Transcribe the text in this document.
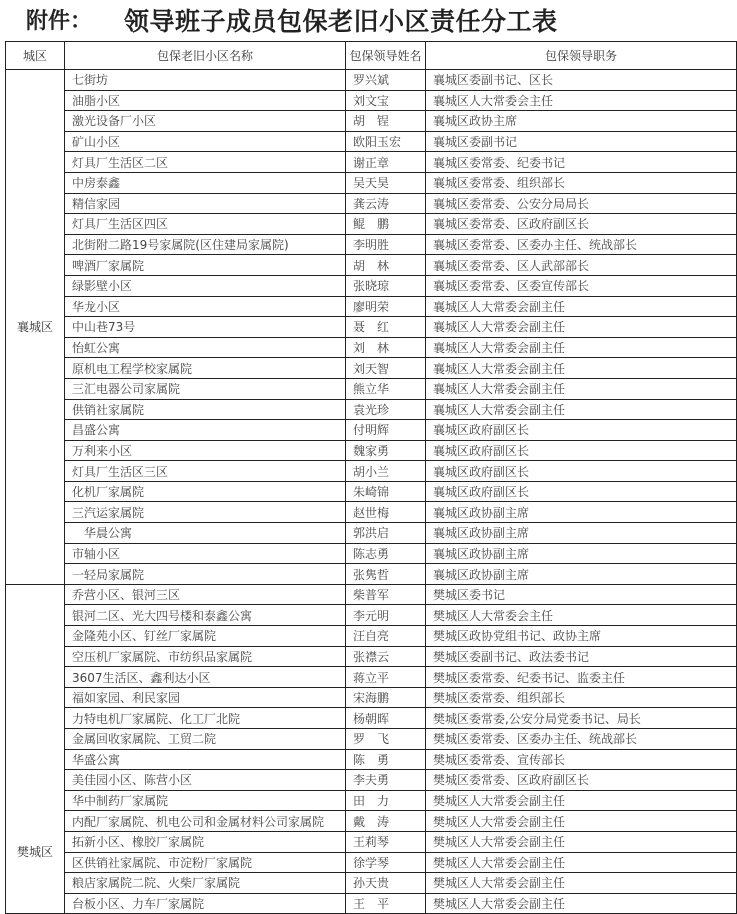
附件： 领导班子成员包保老旧小区责任分工表
城区	包保老旧小区名称	包保领导姓名	包保领导职务
襄城区	七街坊	罗兴斌	襄城区委副书记、区长
	油脂小区	刘文宝	襄城区人大常委会主任
	激光设备厂小区	胡　锃	襄城区政协主席
	矿山小区	欧阳玉宏	襄城区委副书记
	灯具厂生活区二区	谢正章	襄城区委常委、纪委书记
	中房泰鑫	吴天昊	襄城区委常委、组织部长
	精信家园	龚云涛	襄城区委常委、公安分局局长
	灯具厂生活区四区	鲲　鹏	襄城区委常委、区政府副区长
	北街附二路19号家属院(区住建局家属院)	李明胜	襄城区委常委、区委办主任、统战部长
	啤酒厂家属院	胡　林	襄城区委常委、区人武部部长
	绿影壁小区	张晓琼	襄城区委常委、区委宣传部长
	华龙小区	廖明荣	襄城区人大常委会副主任
	中山巷73号	聂　红	襄城区人大常委会副主任
	怡虹公寓	刘　林	襄城区人大常委会副主任
	原机电工程学校家属院	刘天智	襄城区人大常委会副主任
	三汇电器公司家属院	熊立华	襄城区人大常委会副主任
	供销社家属院	袁光珍	襄城区人大常委会副主任
	昌盛公寓	付明辉	襄城区政府副区长
	万利来小区	魏家勇	襄城区政府副区长
	灯具厂生活区三区	胡小兰	襄城区政府副区长
	化机厂家属院	朱崎锦	襄城区政府副区长
	三汽运家属院	赵世梅	襄城区政协副主席
	　华晨公寓	郭洪启	襄城区政协副主席
	市轴小区	陈志勇	襄城区政协副主席
	一轻局家属院	张隽哲	襄城区政协副主席
樊城区	乔营小区、银河三区	柴普军	樊城区委书记
	银河二区、光大四号楼和泰鑫公寓	李元明	樊城区人大常委会主任
	金隆苑小区、钉丝厂家属院	汪自亮	樊城区政协党组书记、政协主席
	空压机厂家属院、市纺织品家属院	张襟云	樊城区委副书记、政法委书记
	3607生活区、鑫利达小区	蒋立平	樊城区委常委、纪委书记、监委主任
	福如家园、利民家园	宋海鹏	樊城区委常委、组织部长
	力特电机厂家属院、化工厂北院	杨朝晖	樊城区委常委,公安分局党委书记、局长
	金属回收家属院、工贸二院	罗　飞	樊城区委常委、区委办主任、统战部长
	华盛公寓	陈　勇	樊城区委常委、宣传部长
	美佳园小区、陈营小区	李夫勇	樊城区委常委、区政府副区长
	华中制药厂家属院	田　力	樊城区人大常委会副主任
	内配厂家属院、机电公司和金属材料公司家属院	戴　涛	樊城区人大常委会副主任
	拓新小区、橡胶厂家属院	王莉琴	樊城区人大常委会副主任
	区供销社家属院、市淀粉厂家属院	徐学琴	樊城区人大常委会副主任
	粮店家属院二院、火柴厂家属院	孙天贵	樊城区人大常委会副主任
	台板小区、力车厂家属院	王　平	樊城区人大常委会副主任
